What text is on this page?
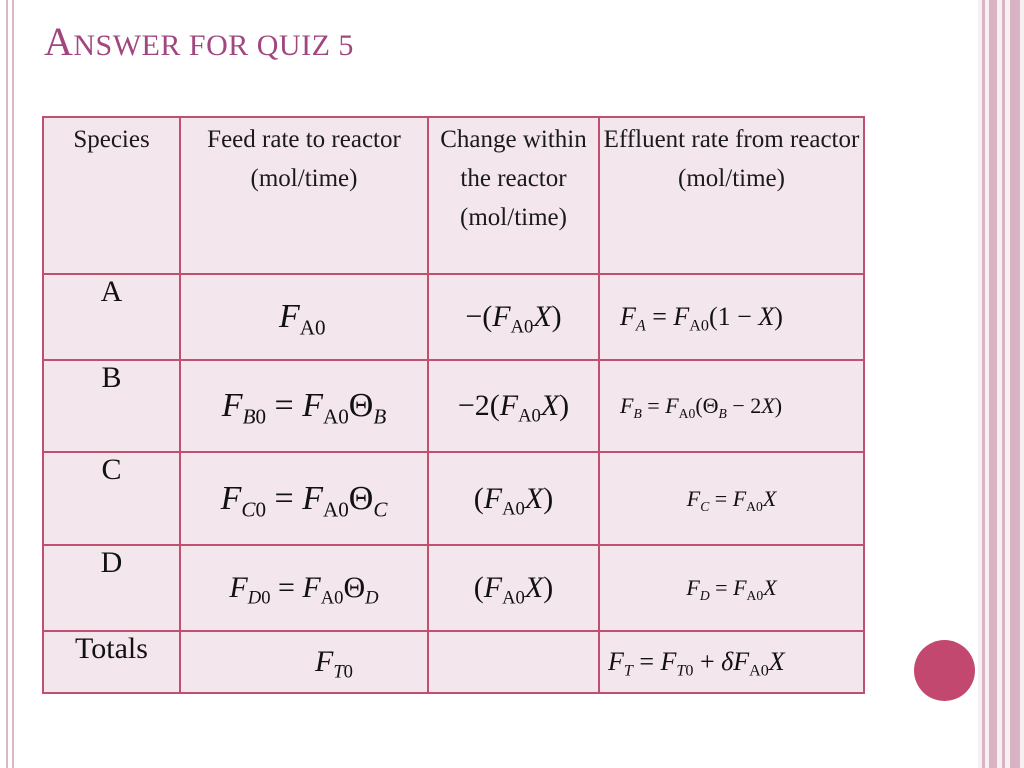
ANSWER FOR QUIZ 5
Species	Feed rate to reactor (mol/time)	Change within the reactor (mol/time)	Effluent rate from reactor (mol/time)
A	$F_{A0}$	$-(F_{A0}X)$	$F_A = F_{A0}(1 - X)$

B	$F_{B0} = F_{A0}\Theta_B$	$-2(F_{A0}X)$	$F_B = F_{A0}(\Theta_B - 2X)$

C	$F_{C0} = F_{A0}\Theta_C$	$(F_{A0}X)$	$F_C = F_{A0}X$
D	$F_{D0} = F_{A0}\Theta_D$	$(F_{A0}X)$	$F_D = F_{A0}X$
Totals	$F_{T0}$		$F_T = F_{T0} + \delta F_{A0}X$
